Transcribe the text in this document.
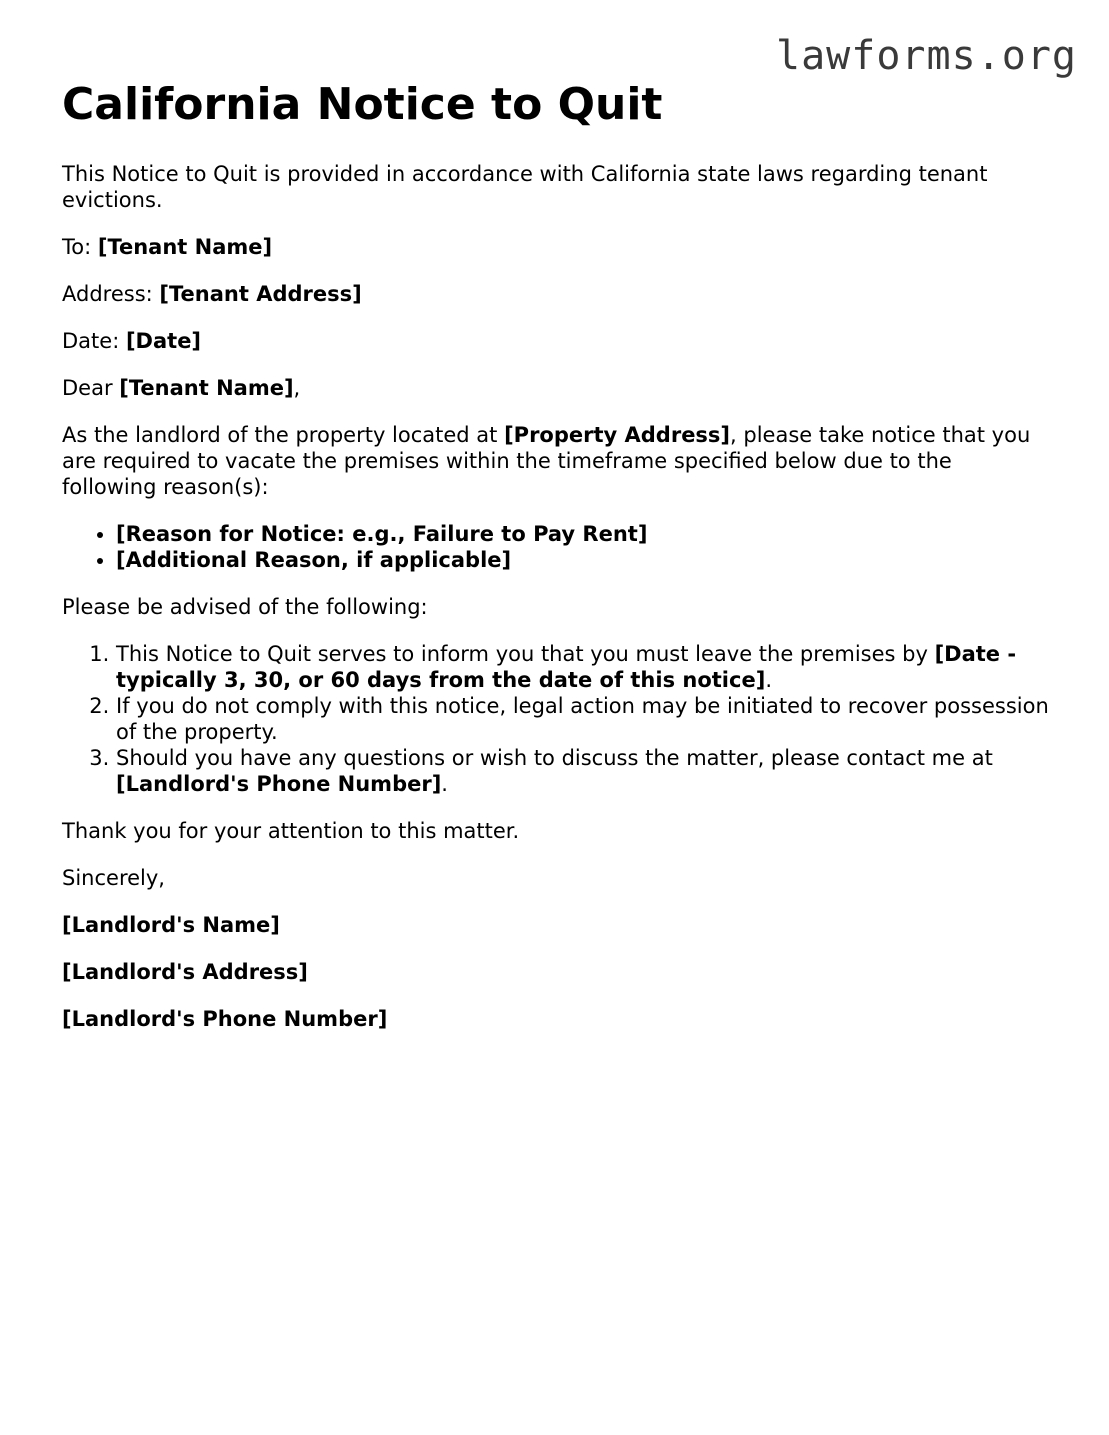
lawforms.org
California Notice to Quit

This Notice to Quit is provided in accordance with California state laws regarding tenant evictions.

To: [Tenant Name]

Address: [Tenant Address]

Date: [Date]

Dear [Tenant Name],

As the landlord of the property located at [Property Address], please take notice that you are required to vacate the premises within the timeframe specified below due to the following reason(s):

• [Reason for Notice: e.g., Failure to Pay Rent]
• [Additional Reason, if applicable]

Please be advised of the following:

1. This Notice to Quit serves to inform you that you must leave the premises by [Date - typically 3, 30, or 60 days from the date of this notice].
2. If you do not comply with this notice, legal action may be initiated to recover possession of the property.
3. Should you have any questions or wish to discuss the matter, please contact me at [Landlord's Phone Number].

Thank you for your attention to this matter.

Sincerely,

[Landlord's Name]

[Landlord's Address]

[Landlord's Phone Number]
